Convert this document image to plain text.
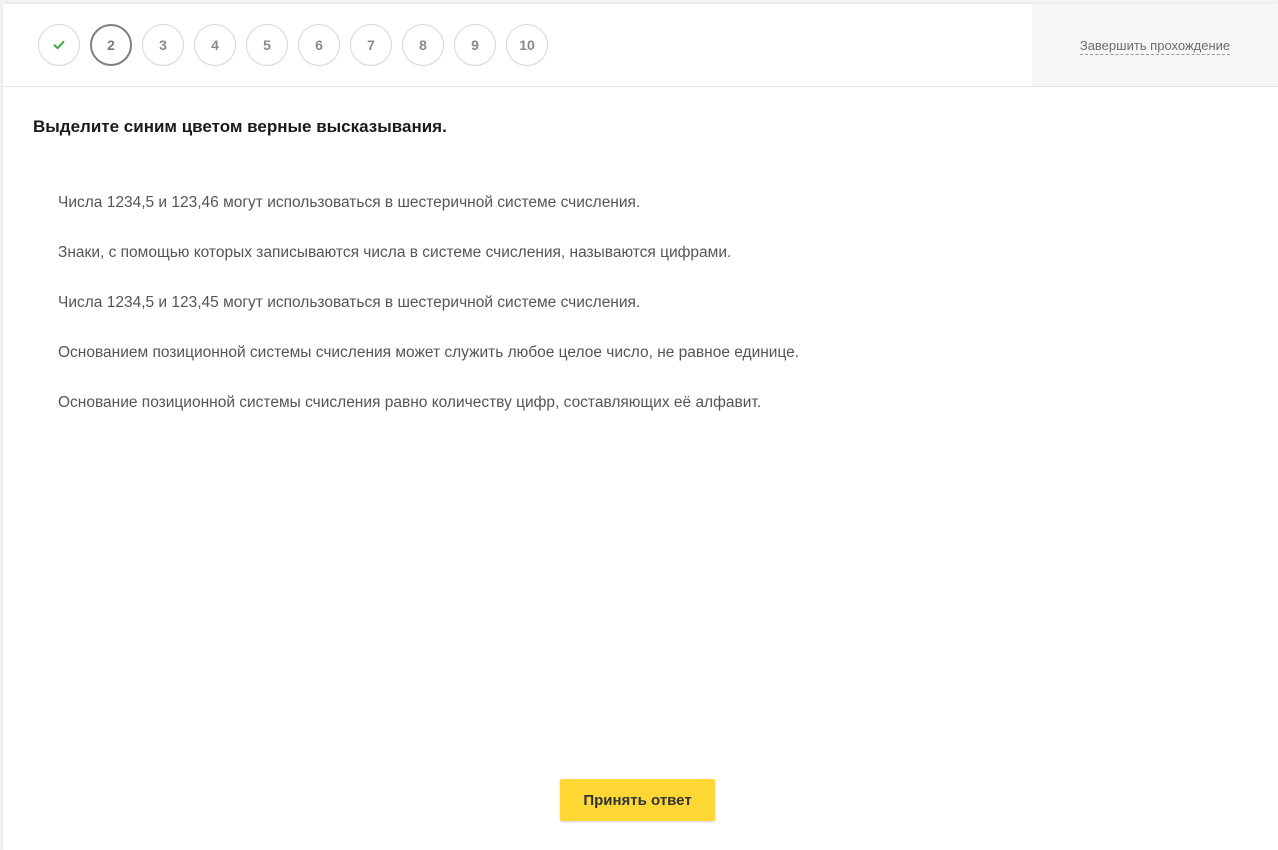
2	3	4	5	6	7	8	9	10	Завершить прохождение
Выделите синим цветом верные высказывания.
Числа 1234,5 и 123,46 могут использоваться в шестеричной системе счисления.
Знаки, с помощью которых записываются числа в системе счисления, называются цифрами.
Числа 1234,5 и 123,45 могут использоваться в шестеричной системе счисления.
Основанием позиционной системы счисления может служить любое целое число, не равное единице.
Основание позиционной системы счисления равно количеству цифр, составляющих её алфавит.
Принять ответ
